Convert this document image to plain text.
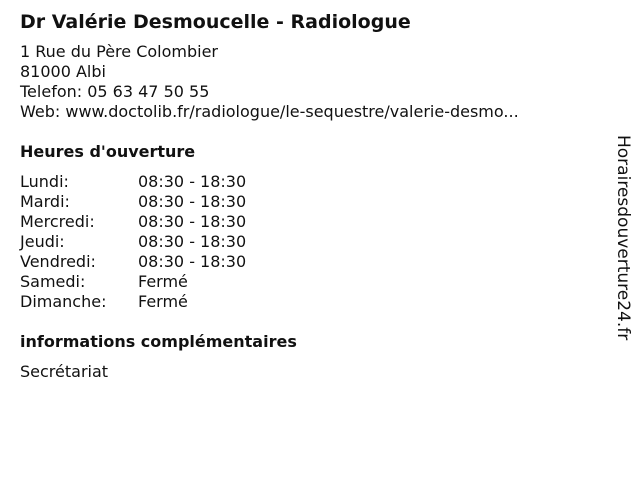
Dr Valérie Desmoucelle - Radiologue
1 Rue du Père Colombier
81000 Albi
Telefon: 05 63 47 50 55
Web: www.doctolib.fr/radiologue/le-sequestre/valerie-desmo...
Heures d'ouverture
Lundi:	08:30 - 18:30
Mardi:	08:30 - 18:30
Mercredi:	08:30 - 18:30
Jeudi:	08:30 - 18:30
Vendredi:	08:30 - 18:30
Samedi:	Fermé
Dimanche:	Fermé
informations complémentaires
Secrétariat
Horairesdouverture24.fr
